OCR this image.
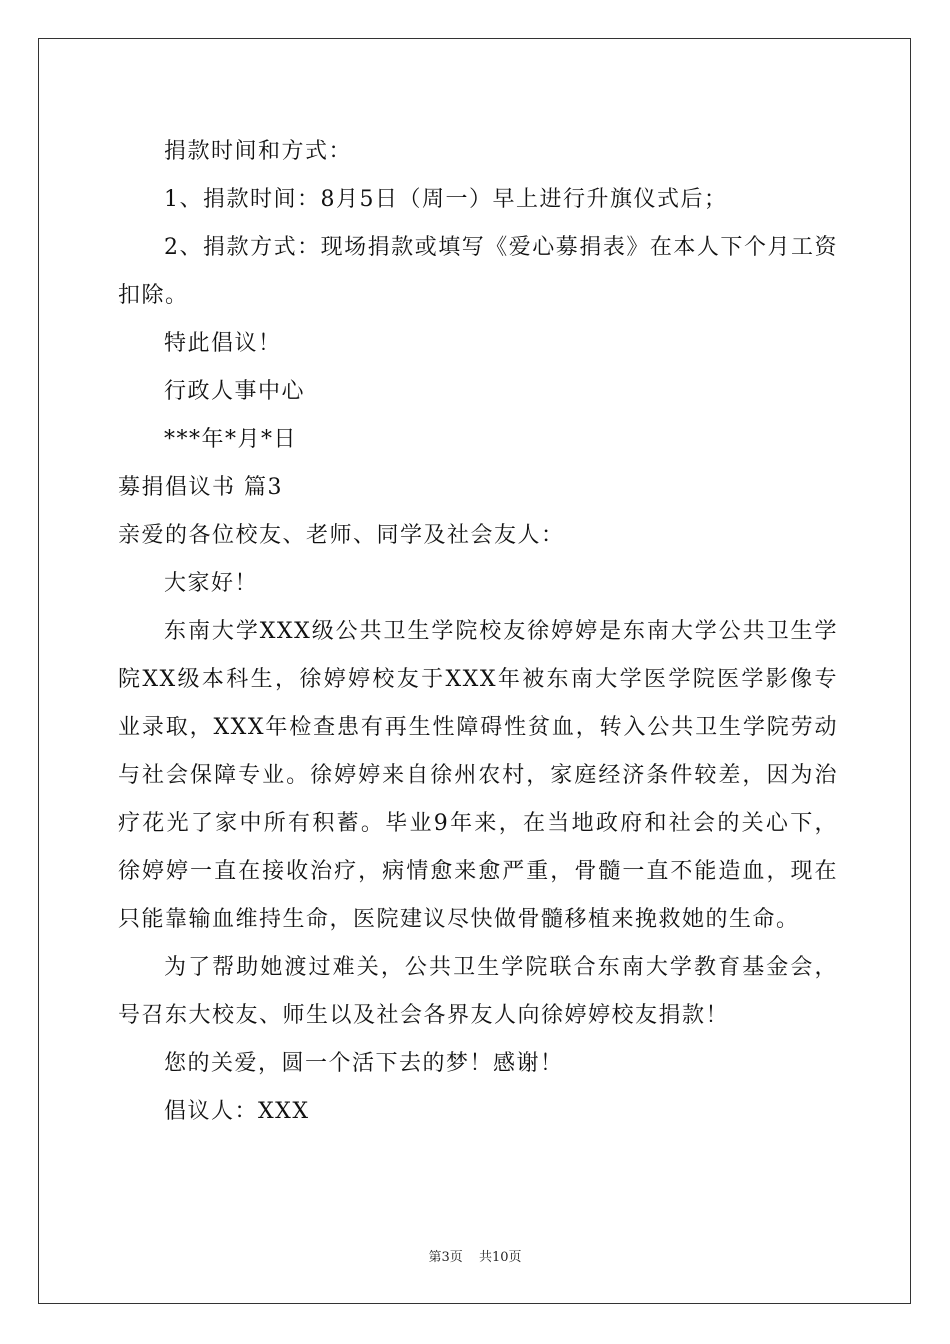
捐款时间和方式：
1、捐款时间：8月5日（周一）早上进行升旗仪式后；

2、捐款方式：现场捐款或填写《爱心募捐表》在本人下个月工资扣除。

特此倡议！
行政人事中心
***年*月*日
募捐倡议书 篇3
亲爱的各位校友、老师、同学及社会友人：
大家好！

东南大学XXX级公共卫生学院校友徐婷婷是东南大学公共卫生学院XX级本科生，徐婷婷校友于XXX年被东南大学医学院医学影像专业录取，XXX年检查患有再生性障碍性贫血，转入公共卫生学院劳动与社会保障专业。徐婷婷来自徐州农村，家庭经济条件较差，因为治疗花光了家中所有积蓄。毕业9年来，在当地政府和社会的关心下，徐婷婷一直在接收治疗，病情愈来愈严重，骨髓一直不能造血，现在只能靠输血维持生命，医院建议尽快做骨髓移植来挽救她的生命。

为了帮助她渡过难关，公共卫生学院联合东南大学教育基金会，号召东大校友、师生以及社会各界友人向徐婷婷校友捐款！

您的关爱，圆一个活下去的梦！感谢！
倡议人：XXX
第3页 共10页
